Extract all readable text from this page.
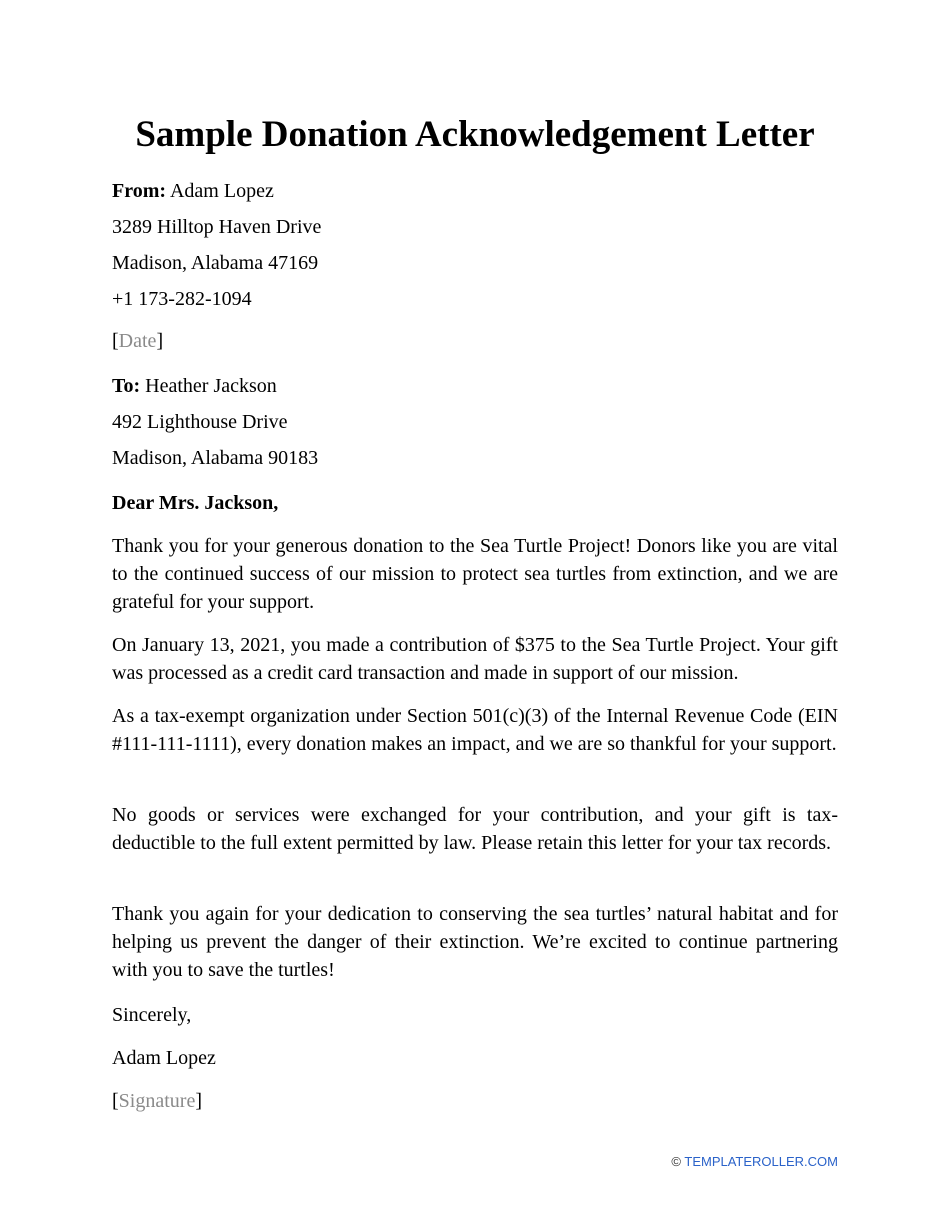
Sample Donation Acknowledgement Letter
From: Adam Lopez
3289 Hilltop Haven Drive
Madison, Alabama 47169
+1 173-282-1094
[Date]
To: Heather Jackson
492 Lighthouse Drive
Madison, Alabama 90183
Dear Mrs. Jackson,

Thank you for your generous donation to the Sea Turtle Project! Donors like you are vital to the continued success of our mission to protect sea turtles from extinction, and we are grateful for your support.

On January 13, 2021, you made a contribution of $375 to the Sea Turtle Project. Your gift was processed as a credit card transaction and made in support of our mission.

As a tax-exempt organization under Section 501(c)(3) of the Internal Revenue Code (EIN #111-111-1111), every donation makes an impact, and we are so thankful for your support.

No goods or services were exchanged for your contribution, and your gift is tax-deductible to the full extent permitted by law. Please retain this letter for your tax records.

Thank you again for your dedication to conserving the sea turtles’ natural habitat and for helping us prevent the danger of their extinction. We’re excited to continue partnering with you to save the turtles!

Sincerely,
Adam Lopez
[Signature]
© TEMPLATEROLLER.COM
